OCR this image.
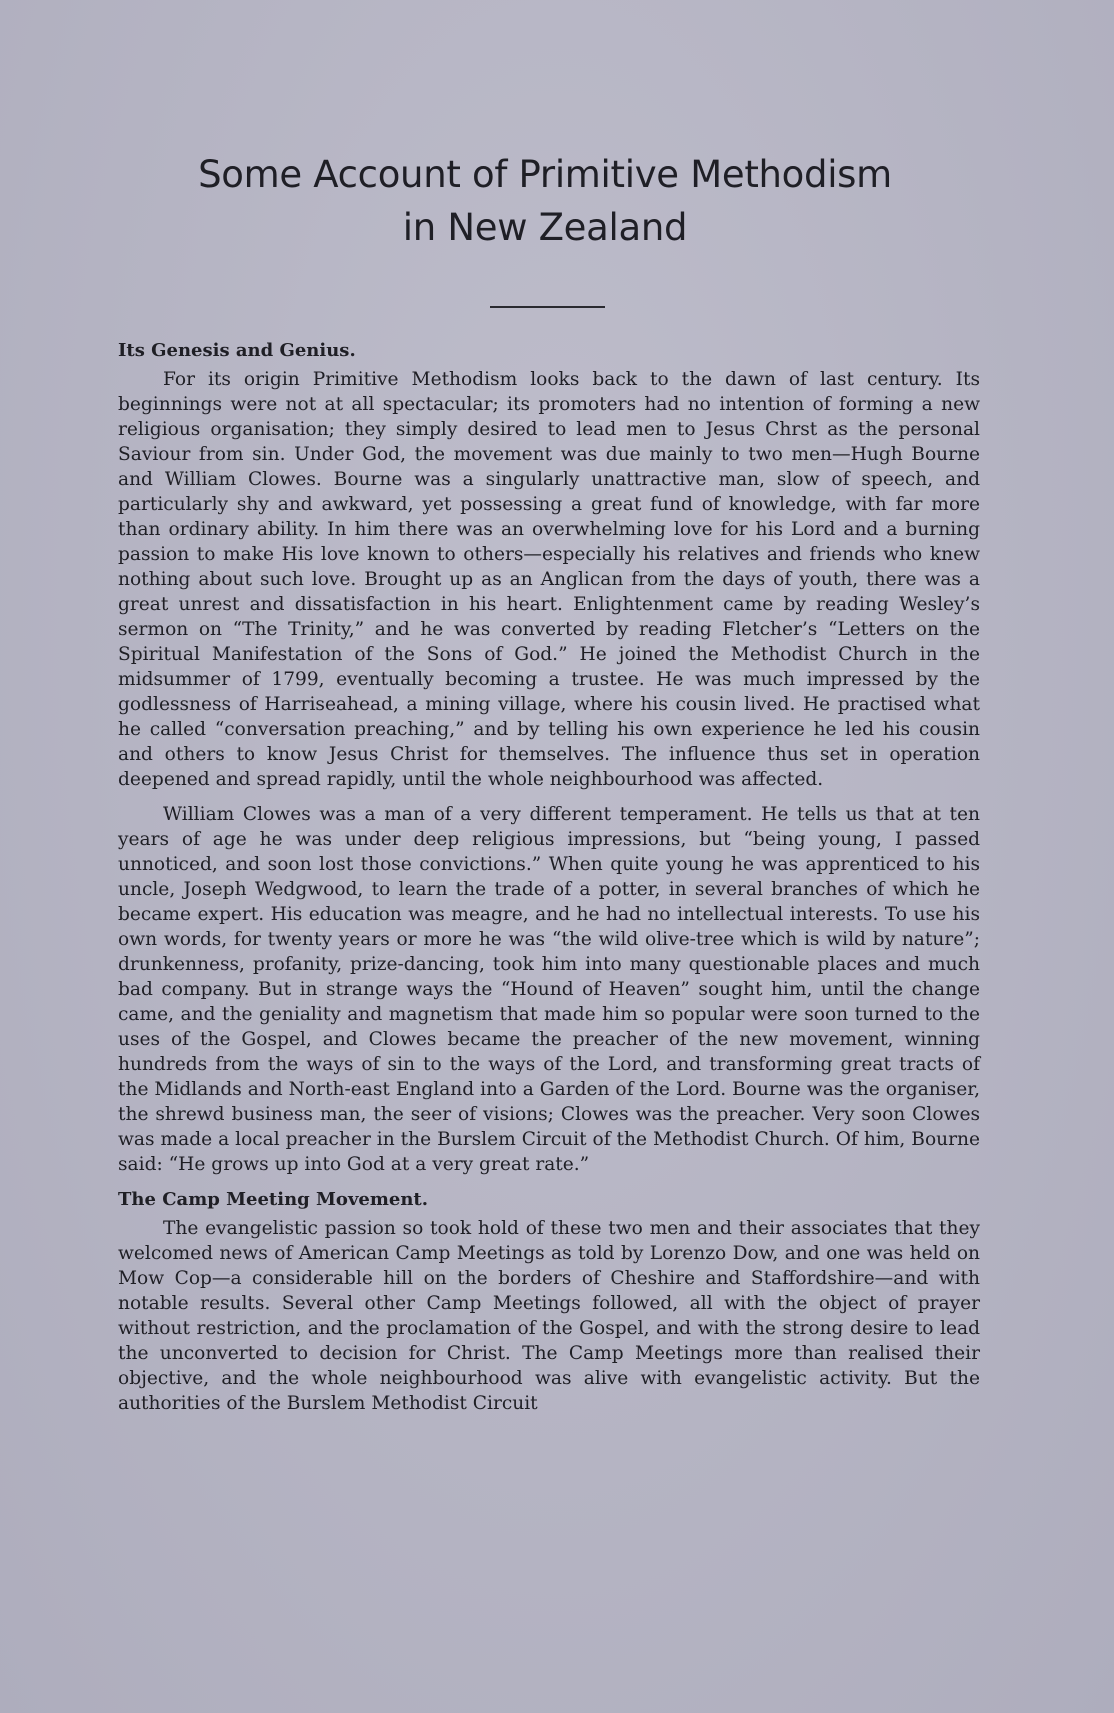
Some Account of Primitive Methodism
in New Zealand
Its Genesis and Genius.

For its origin Primitive Methodism looks back to the dawn of last century. Its beginnings were not at all spectacular; its promoters had no intention of forming a new religious organisation; they simply desired to lead men to Jesus Chrst as the personal Saviour from sin. Under God, the movement was due mainly to two men—Hugh Bourne and William Clowes. Bourne was a singularly unattractive man, slow of speech, and particularly shy and awkward, yet possessing a great fund of knowledge, with far more than ordinary ability. In him there was an overwhelming love for his Lord and a burning passion to make His love known to others—especially his relatives and friends who knew nothing about such love. Brought up as an Anglican from the days of youth, there was a great unrest and dissatisfaction in his heart. Enlightenment came by reading Wesley’s sermon on “The Trinity,” and he was converted by reading Fletcher’s “Letters on the Spiritual Manifestation of the Sons of God.” He joined the Methodist Church in the midsummer of 1799, eventually becoming a trustee. He was much impressed by the godlessness of Harriseahead, a mining village, where his cousin lived. He practised what he called “conversation preaching,” and by telling his own experience he led his cousin and others to know Jesus Christ for themselves. The influence thus set in operation deepened and spread rapidly, until the whole neighbourhood was affected.

William Clowes was a man of a very different temperament. He tells us that at ten years of age he was under deep religious impressions, but “being young, I passed unnoticed, and soon lost those convictions.” When quite young he was apprenticed to his uncle, Joseph Wedgwood, to learn the trade of a potter, in several branches of which he became expert. His education was meagre, and he had no intellectual interests. To use his own words, for twenty years or more he was “the wild olive-tree which is wild by nature”; drunkenness, profanity, prize-dancing, took him into many questionable places and much bad company. But in strange ways the “Hound of Heaven” sought him, until the change came, and the geniality and magnetism that made him so popular were soon turned to the uses of the Gospel, and Clowes became the preacher of the new movement, winning hundreds from the ways of sin to the ways of the Lord, and transforming great tracts of the Midlands and North-east England into a Garden of the Lord. Bourne was the organiser, the shrewd business man, the seer of visions; Clowes was the preacher. Very soon Clowes was made a local preacher in the Burslem Circuit of the Methodist Church. Of him, Bourne said: “He grows up into God at a very great rate.”

The Camp Meeting Movement.

The evangelistic passion so took hold of these two men and their associates that they welcomed news of American Camp Meetings as told by Lorenzo Dow, and one was held on Mow Cop—a considerable hill on the borders of Cheshire and Staffordshire—and with notable results. Several other Camp Meetings followed, all with the object of prayer without restriction, and the proclamation of the Gospel, and with the strong desire to lead the unconverted to decision for Christ. The Camp Meetings more than realised their objective, and the whole neighbourhood was alive with evangelistic activity. But the authorities of the Burslem Methodist Circuit
